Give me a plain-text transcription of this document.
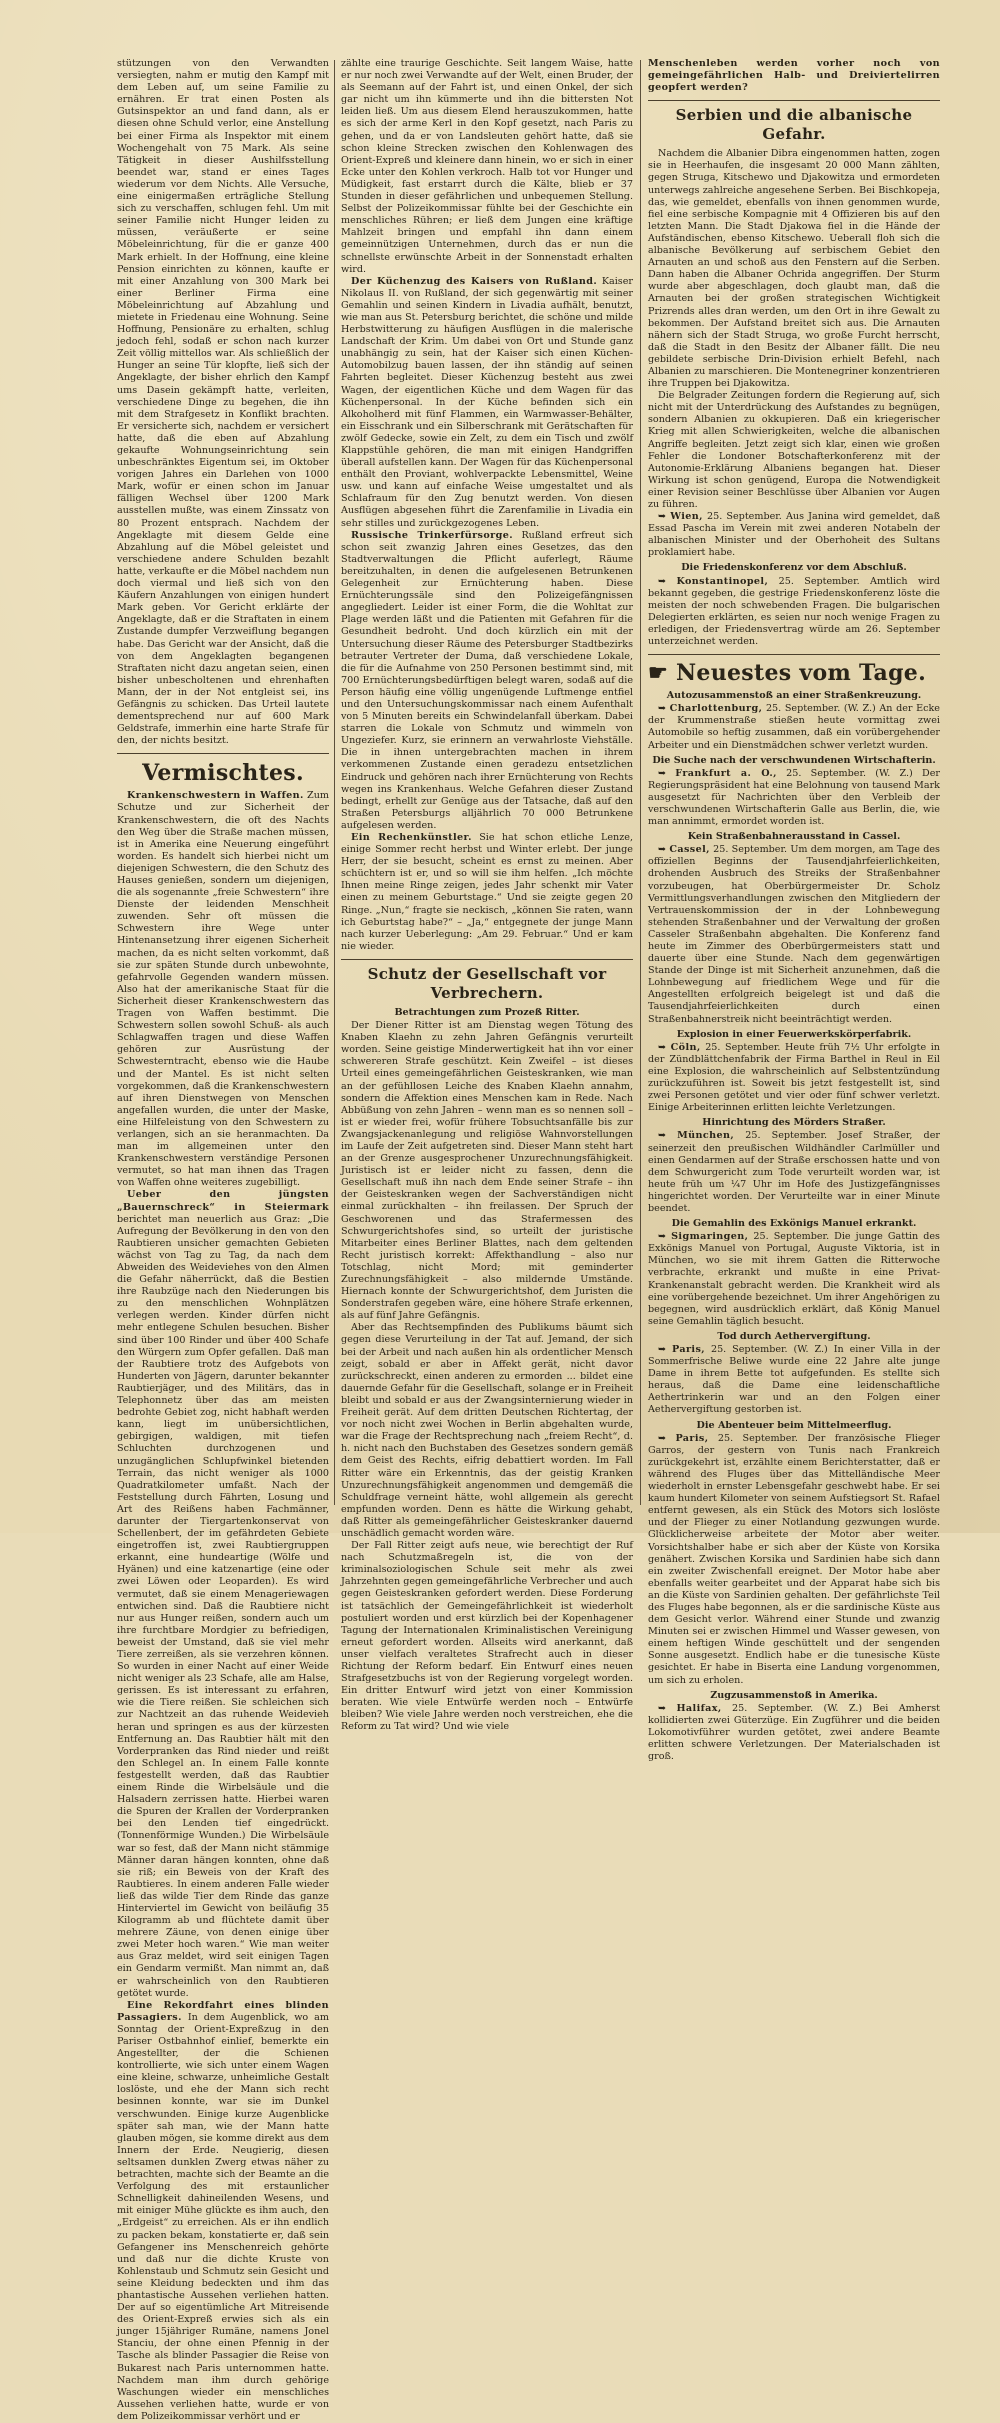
stützungen von den Verwandten versiegten, nahm er mutig den Kampf mit dem Leben auf, um seine Familie zu ernähren. Er trat einen Posten als Gutsinspektor an und fand dann, als er diesen ohne Schuld verlor, eine Anstellung bei einer Firma als Inspektor mit einem Wochengehalt von 75 Mark. Als seine Tätigkeit in dieser Aushilfsstellung beendet war, stand er eines Tages wiederum vor dem Nichts. Alle Versuche, eine einigermaßen erträgliche Stellung sich zu verschaffen, schlugen fehl. Um mit seiner Familie nicht Hunger leiden zu müssen, veräußerte er seine Möbeleinrichtung, für die er ganze 400 Mark erhielt. In der Hoffnung, eine kleine Pension einrichten zu können, kaufte er mit einer Anzahlung von 300 Mark bei einer Berliner Firma eine Möbeleinrichtung auf Abzahlung und mietete in Friedenau eine Wohnung. Seine Hoffnung, Pensionäre zu erhalten, schlug jedoch fehl, sodaß er schon nach kurzer Zeit völlig mittellos war. Als schließlich der Hunger an seine Tür klopfte, ließ sich der Angeklagte, der bisher ehrlich den Kampf ums Dasein gekämpft hatte, verleiten, verschiedene Dinge zu begehen, die ihn mit dem Strafgesetz in Konflikt brachten. Er versicherte sich, nachdem er versichert hatte, daß die eben auf Abzahlung gekaufte Wohnungseinrichtung sein unbeschränktes Eigentum sei, im Oktober vorigen Jahres ein Darlehen von 1000 Mark, wofür er einen schon im Januar fälligen Wechsel über 1200 Mark ausstellen mußte, was einem Zinssatz von 80 Prozent entsprach. Nachdem der Angeklagte mit diesem Gelde eine Abzahlung auf die Möbel geleistet und verschiedene andere Schulden bezahlt hatte, verkaufte er die Möbel nachdem nun doch viermal und ließ sich von den Käufern Anzahlungen von einigen hundert Mark geben. Vor Gericht erklärte der Angeklagte, daß er die Straftaten in einem Zustande dumpfer Verzweiflung begangen habe. Das Gericht war der Ansicht, daß die von dem Angeklagten begangenen Straftaten nicht dazu angetan seien, einen bisher unbescholtenen und ehrenhaften Mann, der in der Not entgleist sei, ins Gefängnis zu schicken. Das Urteil lautete dementsprechend nur auf 600 Mark Geldstrafe, immerhin eine harte Strafe für den, der nichts besitzt.

Vermischtes.

Krankenschwestern in Waffen. Zum Schutze und zur Sicherheit der Krankenschwestern, die oft des Nachts den Weg über die Straße machen müssen, ist in Amerika eine Neuerung eingeführt worden. Es handelt sich hierbei nicht um diejenigen Schwestern, die den Schutz des Hauses genießen, sondern um diejenigen, die als sogenannte „freie Schwestern“ ihre Dienste der leidenden Menschheit zuwenden. Sehr oft müssen die Schwestern ihre Wege unter Hintenansetzung ihrer eigenen Sicherheit machen, da es nicht selten vorkommt, daß sie zur späten Stunde durch unbewohnte, gefahrvolle Gegenden wandern müssen. Also hat der amerikanische Staat für die Sicherheit dieser Krankenschwestern das Tragen von Waffen bestimmt. Die Schwestern sollen sowohl Schuß- als auch Schlagwaffen tragen und diese Waffen gehören zur Ausrüstung der Schwesterntracht, ebenso wie die Haube und der Mantel. Es ist nicht selten vorgekommen, daß die Krankenschwestern auf ihren Dienstwegen von Menschen angefallen wurden, die unter der Maske, eine Hilfeleistung von den Schwestern zu verlangen, sich an sie heranmachten. Da man im allgemeinen unter den Krankenschwestern verständige Personen vermutet, so hat man ihnen das Tragen von Waffen ohne weiteres zugebilligt.

Ueber den jüngsten „Bauernschreck“ in Steiermark berichtet man neuerlich aus Graz: „Die Aufregung der Bevölkerung in den von den Raubtieren unsicher gemachten Gebieten wächst von Tag zu Tag, da nach dem Abweiden des Weideviehes von den Almen die Gefahr näherrückt, daß die Bestien ihre Raubzüge nach den Niederungen bis zu den menschlichen Wohnplätzen verlegen werden. Kinder dürfen nicht mehr entlegene Schulen besuchen. Bisher sind über 100 Rinder und über 400 Schafe den Würgern zum Opfer gefallen. Daß man der Raubtiere trotz des Aufgebots von Hunderten von Jägern, darunter bekannter Raubtierjäger, und des Militärs, das in Telephonnetz über das am meisten bedrohte Gebiet zog, nicht habhaft werden kann, liegt im unübersichtlichen, gebirgigen, waldigen, mit tiefen Schluchten durchzogenen und unzugänglichen Schlupfwinkel bietenden Terrain, das nicht weniger als 1000 Quadratkilometer umfaßt. Nach der Feststellung durch Fährten, Losung und Art des Reißens haben Fachmänner, darunter der Tiergartenkonservat von Schellenbert, der im gefährdeten Gebiete eingetroffen ist, zwei Raubtiergruppen erkannt, eine hundeartige (Wölfe und Hyänen) und eine katzenartige (eine oder zwei Löwen oder Leoparden). Es wird vermutet, daß sie einem Menageriewagen entwichen sind. Daß die Raubtiere nicht nur aus Hunger reißen, sondern auch um ihre furchtbare Mordgier zu befriedigen, beweist der Umstand, daß sie viel mehr Tiere zerreißen, als sie verzehren können. So wurden in einer Nacht auf einer Weide nicht weniger als 23 Schafe, alle am Halse, gerissen. Es ist interessant zu erfahren, wie die Tiere reißen. Sie schleichen sich zur Nachtzeit an das ruhende Weidevieh heran und springen es aus der kürzesten Entfernung an. Das Raubtier hält mit den Vorderpranken das Rind nieder und reißt den Schlegel an. In einem Falle konnte festgestellt werden, daß das Raubtier einem Rinde die Wirbelsäule und die Halsadern zerrissen hatte. Hierbei waren die Spuren der Krallen der Vorderpranken bei den Lenden tief eingedrückt. (Tonnenförmige Wunden.) Die Wirbelsäule war so fest, daß der Mann nicht stämmige Männer daran hängen konnten, ohne daß sie riß; ein Beweis von der Kraft des Raubtieres. In einem anderen Falle wieder ließ das wilde Tier dem Rinde das ganze Hinterviertel im Gewicht von beiläufig 35 Kilogramm ab und flüchtete damit über mehrere Zäune, von denen einige über zwei Meter hoch waren.“ Wie man weiter aus Graz meldet, wird seit einigen Tagen ein Gendarm vermißt. Man nimmt an, daß er wahrscheinlich von den Raubtieren getötet wurde.

Eine Rekordfahrt eines blinden Passagiers. In dem Augenblick, wo am Sonntag der Orient-Expreßzug in den Pariser Ostbahnhof einlief, bemerkte ein Angestellter, der die Schienen kontrollierte, wie sich unter einem Wagen eine kleine, schwarze, unheimliche Gestalt loslöste, und ehe der Mann sich recht besinnen konnte, war sie im Dunkel verschwunden. Einige kurze Augenblicke später sah man, wie der Mann hatte glauben mögen, sie komme direkt aus dem Innern der Erde. Neugierig, diesen seltsamen dunklen Zwerg etwas näher zu betrachten, machte sich der Beamte an die Verfolgung des mit erstaunlicher Schnelligkeit dahineilenden Wesens, und mit einiger Mühe glückte es ihm auch, den „Erdgeist“ zu erreichen. Als er ihn endlich zu packen bekam, konstatierte er, daß sein Gefangener ins Menschenreich gehörte und daß nur die dichte Kruste von Kohlenstaub und Schmutz sein Gesicht und seine Kleidung bedeckten und ihm das phantastische Aussehen verliehen hatten. Der auf so eigentümliche Art Mitreisende des Orient-Expreß erwies sich als ein junger 15jähriger Rumäne, namens Jonel Stanciu, der ohne einen Pfennig in der Tasche als blinder Passagier die Reise von Bukarest nach Paris unternommen hatte. Nachdem man ihm durch gehörige Waschungen wieder ein menschliches Aussehen verliehen hatte, wurde er von dem Polizeikommissar verhört und er

zählte eine traurige Geschichte. Seit langem Waise, hatte er nur noch zwei Verwandte auf der Welt, einen Bruder, der als Seemann auf der Fahrt ist, und einen Onkel, der sich gar nicht um ihn kümmerte und ihn die bittersten Not leiden ließ. Um aus diesem Elend herauszukommen, hatte es sich der arme Kerl in den Kopf gesetzt, nach Paris zu gehen, und da er von Landsleuten gehört hatte, daß sie schon kleine Strecken zwischen den Kohlenwagen des Orient-Expreß und kleinere dann hinein, wo er sich in einer Ecke unter den Kohlen verkroch. Halb tot vor Hunger und Müdigkeit, fast erstarrt durch die Kälte, blieb er 37 Stunden in dieser gefährlichen und unbequemen Stellung. Selbst der Polizeikommissar fühlte bei der Geschichte ein menschliches Rühren; er ließ dem Jungen eine kräftige Mahlzeit bringen und empfahl ihn dann einem gemeinnützigen Unternehmen, durch das er nun die schnellste erwünschte Arbeit in der Sonnenstadt erhalten wird.

Der Küchenzug des Kaisers von Rußland. Kaiser Nikolaus II. von Rußland, der sich gegenwärtig mit seiner Gemahlin und seinen Kindern in Livadia aufhält, benutzt, wie man aus St. Petersburg berichtet, die schöne und milde Herbstwitterung zu häufigen Ausflügen in die malerische Landschaft der Krim. Um dabei von Ort und Stunde ganz unabhängig zu sein, hat der Kaiser sich einen Küchen-Automobilzug bauen lassen, der ihn ständig auf seinen Fahrten begleitet. Dieser Küchenzug besteht aus zwei Wagen, der eigentlichen Küche und dem Wagen für das Küchenpersonal. In der Küche befinden sich ein Alkoholherd mit fünf Flammen, ein Warmwasser-Behälter, ein Eisschrank und ein Silberschrank mit Gerätschaften für zwölf Gedecke, sowie ein Zelt, zu dem ein Tisch und zwölf Klappstühle gehören, die man mit einigen Handgriffen überall aufstellen kann. Der Wagen für das Küchenpersonal enthält den Proviant, wohlverpackte Lebensmittel, Weine usw. und kann auf einfache Weise umgestaltet und als Schlafraum für den Zug benutzt werden. Von diesen Ausflügen abgesehen führt die Zarenfamilie in Livadia ein sehr stilles und zurückgezogenes Leben.

Russische Trinkerfürsorge. Rußland erfreut sich schon seit zwanzig Jahren eines Gesetzes, das den Stadtverwaltungen die Pflicht auferlegt, Räume bereitzuhalten, in denen die aufgelesenen Betrunkenen Gelegenheit zur Ernüchterung haben. Diese Ernüchterungssäle sind den Polizeigefängnissen angegliedert. Leider ist einer Form, die die Wohltat zur Plage werden läßt und die Patienten mit Gefahren für die Gesundheit bedroht. Und doch kürzlich ein mit der Untersuchung dieser Räume des Petersburger Stadtbezirks betrauter Vertreter der Duma, daß verschiedene Lokale, die für die Aufnahme von 250 Personen bestimmt sind, mit 700 Ernüchterungsbedürftigen belegt waren, sodaß auf die Person häufig eine völlig ungenügende Luftmenge entfiel und den Untersuchungskommissar nach einem Aufenthalt von 5 Minuten bereits ein Schwindelanfall überkam. Dabei starren die Lokale von Schmutz und wimmeln von Ungeziefer. Kurz, sie erinnern an verwahrloste Viehställe. Die in ihnen untergebrachten machen in ihrem verkommenen Zustande einen geradezu entsetzlichen Eindruck und gehören nach ihrer Ernüchterung von Rechts wegen ins Krankenhaus. Welche Gefahren dieser Zustand bedingt, erhellt zur Genüge aus der Tatsache, daß auf den Straßen Petersburgs alljährlich 70 000 Betrunkene aufgelesen werden.

Ein Rechenkünstler. Sie hat schon etliche Lenze, einige Sommer recht herbst und Winter erlebt. Der junge Herr, der sie besucht, scheint es ernst zu meinen. Aber schüchtern ist er, und so will sie ihm helfen. „Ich möchte Ihnen meine Ringe zeigen, jedes Jahr schenkt mir Vater einen zu meinem Geburtstage.“ Und sie zeigte gegen 20 Ringe. „Nun,“ fragte sie neckisch, „können Sie raten, wann ich Geburtstag habe?“ – „Ja,“ entgegnete der junge Mann nach kurzer Ueberlegung: „Am 29. Februar.“ Und er kam nie wieder.

Schutz der Gesellschaft vor Verbrechern.
Betrachtungen zum Prozeß Ritter.

Der Diener Ritter ist am Dienstag wegen Tötung des Knaben Klaehn zu zehn Jahren Gefängnis verurteilt worden. Seine geistige Minderwertigkeit hat ihn vor einer schwereren Strafe geschützt. Kein Zweifel – ist dieses Urteil eines gemeingefährlichen Geisteskranken, wie man an der gefühllosen Leiche des Knaben Klaehn annahm, sondern die Affektion eines Menschen kam in Rede. Nach Abbüßung von zehn Jahren – wenn man es so nennen soll – ist er wieder frei, wofür frühere Tobsuchtsanfälle bis zur Zwangsjackenanlegung und religiöse Wahnvorstellungen im Laufe der Zeit aufgetreten sind. Dieser Mann steht hart an der Grenze ausgesprochener Unzurechnungsfähigkeit. Juristisch ist er leider nicht zu fassen, denn die Gesellschaft muß ihn nach dem Ende seiner Strafe – ihn der Geisteskranken wegen der Sachverständigen nicht einmal zurückhalten – ihn freilassen. Der Spruch der Geschworenen und das Strafermessen des Schwurgerichtshofes sind, so urteilt der juristische Mitarbeiter eines Berliner Blattes, nach dem geltenden Recht juristisch korrekt: Affekthandlung – also nur Totschlag, nicht Mord; mit geminderter Zurechnungsfähigkeit – also mildernde Umstände. Hiernach konnte der Schwurgerichtshof, dem Juristen die Sonderstrafen gegeben wäre, eine höhere Strafe erkennen, als auf fünf Jahre Gefängnis.

Aber das Rechtsempfinden des Publikums bäumt sich gegen diese Verurteilung in der Tat auf. Jemand, der sich bei der Arbeit und nach außen hin als ordentlicher Mensch zeigt, sobald er aber in Affekt gerät, nicht davor zurückschreckt, einen anderen zu ermorden ... bildet eine dauernde Gefahr für die Gesellschaft, solange er in Freiheit bleibt und sobald er aus der Zwangsinternierung wieder in Freiheit gerät. Auf dem dritten Deutschen Richtertag, der vor noch nicht zwei Wochen in Berlin abgehalten wurde, war die Frage der Rechtsprechung nach „freiem Recht“, d. h. nicht nach den Buchstaben des Gesetzes sondern gemäß dem Geist des Rechts, eifrig debattiert worden. Im Fall Ritter wäre ein Erkenntnis, das der geistig Kranken Unzurechnungsfähigkeit angenommen und demgemäß die Schuldfrage verneint hätte, wohl allgemein als gerecht empfunden worden. Denn es hätte die Wirkung gehabt, daß Ritter als gemeingefährlicher Geisteskranker dauernd unschädlich gemacht worden wäre.

Der Fall Ritter zeigt aufs neue, wie berechtigt der Ruf nach Schutzmaßregeln ist, die von der kriminalsoziologischen Schule seit mehr als zwei Jahrzehnten gegen gemeingefährliche Verbrecher und auch gegen Geisteskranken gefordert werden. Diese Forderung ist tatsächlich der Gemeingefährlichkeit ist wiederholt postuliert worden und erst kürzlich bei der Kopenhagener Tagung der Internationalen Kriminalistischen Vereinigung erneut gefordert worden. Allseits wird anerkannt, daß unser vielfach veraltetes Strafrecht auch in dieser Richtung der Reform bedarf. Ein Entwurf eines neuen Strafgesetzbuchs ist von der Regierung vorgelegt worden. Ein dritter Entwurf wird jetzt von einer Kommission beraten. Wie viele Entwürfe werden noch – Entwürfe bleiben? Wie viele Jahre werden noch verstreichen, ehe die Reform zu Tat wird? Und wie viele

Menschenleben werden vorher noch von gemeingefährlichen Halb- und Dreiviertelirren geopfert werden?

Serbien und die albanische Gefahr.

Nachdem die Albanier Dibra eingenommen hatten, zogen sie in Heerhaufen, die insgesamt 20 000 Mann zählten, gegen Struga, Kitschewo und Djakowitza und ermordeten unterwegs zahlreiche angesehene Serben. Bei Bischkopeja, das, wie gemeldet, ebenfalls von ihnen genommen wurde, fiel eine serbische Kompagnie mit 4 Offizieren bis auf den letzten Mann. Die Stadt Djakowa fiel in die Hände der Aufständischen, ebenso Kitschewo. Ueberall floh sich die albanische Bevölkerung auf serbischem Gebiet den Arnauten an und schoß aus den Fenstern auf die Serben. Dann haben die Albaner Ochrida angegriffen. Der Sturm wurde aber abgeschlagen, doch glaubt man, daß die Arnauten bei der großen strategischen Wichtigkeit Prizrends alles dran werden, um den Ort in ihre Gewalt zu bekommen. Der Aufstand breitet sich aus. Die Arnauten nähern sich der Stadt Struga, wo große Furcht herrscht, daß die Stadt in den Besitz der Albaner fällt. Die neu gebildete serbische Drin-Division erhielt Befehl, nach Albanien zu marschieren. Die Montenegriner konzentrieren ihre Truppen bei Djakowitza.

Die Belgrader Zeitungen fordern die Regierung auf, sich nicht mit der Unterdrückung des Aufstandes zu begnügen, sondern Albanien zu okkupieren. Daß ein kriegerischer Krieg mit allen Schwierigkeiten, welche die albanischen Angriffe begleiten. Jetzt zeigt sich klar, einen wie großen Fehler die Londoner Botschafterkonferenz mit der Autonomie-Erklärung Albaniens begangen hat. Dieser Wirkung ist schon genügend, Europa die Notwendigkeit einer Revision seiner Beschlüsse über Albanien vor Augen zu führen.

➥ Wien, 25. September. Aus Janina wird gemeldet, daß Essad Pascha im Verein mit zwei anderen Notabeln der albanischen Minister und der Oberhoheit des Sultans proklamiert habe.

Die Friedenskonferenz vor dem Abschluß.

➥ Konstantinopel, 25. September. Amtlich wird bekannt gegeben, die gestrige Friedenskonferenz löste die meisten der noch schwebenden Fragen. Die bulgarischen Delegierten erklärten, es seien nur noch wenige Fragen zu erledigen, der Friedensvertrag würde am 26. September unterzeichnet werden.

☛ Neuestes vom Tage.
Autozusammenstoß an einer Straßenkreuzung.

➥ Charlottenburg, 25. September. (W. Z.) An der Ecke der Krummenstraße stießen heute vormittag zwei Automobile so heftig zusammen, daß ein vorübergehender Arbeiter und ein Dienstmädchen schwer verletzt wurden.

Die Suche nach der verschwundenen Wirtschafterin.

➥ Frankfurt a. O., 25. September. (W. Z.) Der Regierungspräsident hat eine Belohnung von tausend Mark ausgesetzt für Nachrichten über den Verbleib der verschwundenen Wirtschafterin Galle aus Berlin, die, wie man annimmt, ermordet worden ist.

Kein Straßenbahnerausstand in Cassel.

➥ Cassel, 25. September. Um dem morgen, am Tage des offiziellen Beginns der Tausendjahrfeierlichkeiten, drohenden Ausbruch des Streiks der Straßenbahner vorzubeugen, hat Oberbürgermeister Dr. Scholz Vermittlungsverhandlungen zwischen den Mitgliedern der Vertrauenskommission der in der Lohnbewegung stehenden Straßenbahner und der Verwaltung der großen Casseler Straßenbahn abgehalten. Die Konferenz fand heute im Zimmer des Oberbürgermeisters statt und dauerte über eine Stunde. Nach dem gegenwärtigen Stande der Dinge ist mit Sicherheit anzunehmen, daß die Lohnbewegung auf friedlichem Wege und für die Angestellten erfolgreich beigelegt ist und daß die Tausendjahrfeierlichkeiten durch einen Straßenbahnerstreik nicht beeinträchtigt werden.

Explosion in einer Feuerwerkskörperfabrik.

➥ Cöln, 25. September. Heute früh 7½ Uhr erfolgte in der Zündblättchenfabrik der Firma Barthel in Reul in Eil eine Explosion, die wahrscheinlich auf Selbstentzündung zurückzuführen ist. Soweit bis jetzt festgestellt ist, sind zwei Personen getötet und vier oder fünf schwer verletzt. Einige Arbeiterinnen erlitten leichte Verletzungen.

Hinrichtung des Mörders Straßer.

➥ München, 25. September. Josef Straßer, der seinerzeit den preußischen Wildhändler Carlmüller und einen Gendarmen auf der Straße erschossen hatte und von dem Schwurgericht zum Tode verurteilt worden war, ist heute früh um ¼7 Uhr im Hofe des Justizgefängnisses hingerichtet worden. Der Verurteilte war in einer Minute beendet.

Die Gemahlin des Exkönigs Manuel erkrankt.

➥ Sigmaringen, 25. September. Die junge Gattin des Exkönigs Manuel von Portugal, Auguste Viktoria, ist in München, wo sie mit ihrem Gatten die Ritterwoche verbrachte, erkrankt und mußte in eine Privat-Krankenanstalt gebracht werden. Die Krankheit wird als eine vorübergehende bezeichnet. Um ihrer Angehörigen zu begegnen, wird ausdrücklich erklärt, daß König Manuel seine Gemahlin täglich besucht.

Tod durch Aethervergiftung.

➥ Paris, 25. September. (W. Z.) In einer Villa in der Sommerfrische Beliwe wurde eine 22 Jahre alte junge Dame in ihrem Bette tot aufgefunden. Es stellte sich heraus, daß die Dame eine leidenschaftliche Aethertrinkerin war und an den Folgen einer Aethervergiftung gestorben ist.

Die Abenteuer beim Mittelmeerflug.

➥ Paris, 25. September. Der französische Flieger Garros, der gestern von Tunis nach Frankreich zurückgekehrt ist, erzählte einem Berichterstatter, daß er während des Fluges über das Mittelländische Meer wiederholt in ernster Lebensgefahr geschwebt habe. Er sei kaum hundert Kilometer von seinem Aufstiegsort St. Rafael entfernt gewesen, als ein Stück des Motors sich loslöste und der Flieger zu einer Notlandung gezwungen wurde. Glücklicherweise arbeitete der Motor aber weiter. Vorsichtshalber habe er sich aber der Küste von Korsika genähert. Zwischen Korsika und Sardinien habe sich dann ein zweiter Zwischenfall ereignet. Der Motor habe aber ebenfalls weiter gearbeitet und der Apparat habe sich bis an die Küste von Sardinien gehalten. Der gefährlichste Teil des Fluges habe begonnen, als er die sardinische Küste aus dem Gesicht verlor. Während einer Stunde und zwanzig Minuten sei er zwischen Himmel und Wasser gewesen, von einem heftigen Winde geschüttelt und der sengenden Sonne ausgesetzt. Endlich habe er die tunesische Küste gesichtet. Er habe in Biserta eine Landung vorgenommen, um sich zu erholen.

Zugzusammenstoß in Amerika.

➥ Halifax, 25. September. (W. Z.) Bei Amherst kollidierten zwei Güterzüge. Ein Zugführer und die beiden Lokomotivführer wurden getötet, zwei andere Beamte erlitten schwere Verletzungen. Der Materialschaden ist groß.
